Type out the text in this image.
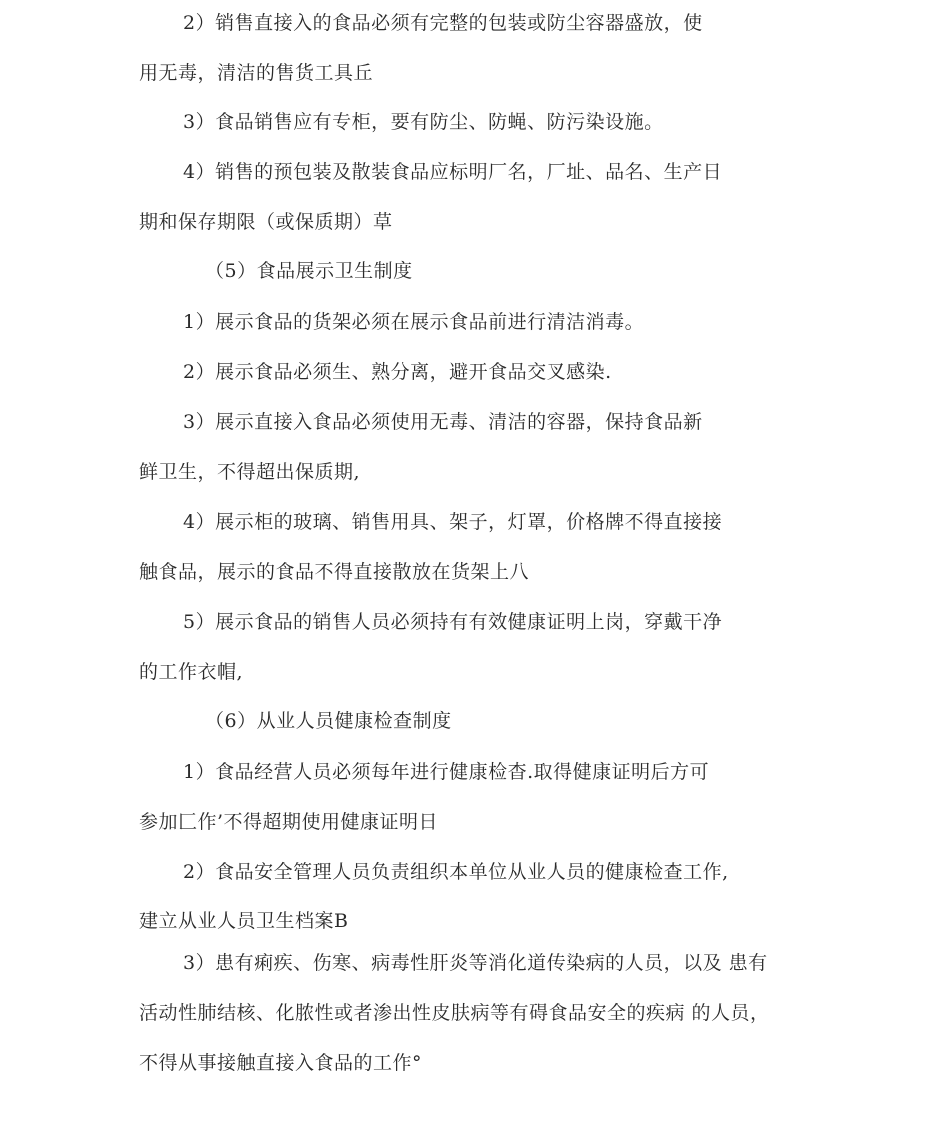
2）销售直接入的食品必须有完整的包装或防尘容器盛放，使
用无毒，清洁的售货工具丘
3）食品销售应有专柜，要有防尘、防蝇、防污染设施。
4）销售的预包装及散装食品应标明厂名，厂址、品名、生产日
期和保存期限（或保质期）草
（5）食品展示卫生制度
1）展示食品的货架必须在展示食品前进行清洁消毒。
2）展示食品必须生、熟分离，避开食品交叉感染.
3）展示直接入食品必须使用无毒、清洁的容器，保持食品新
鲜卫生，不得超出保质期,
4）展示柜的玻璃、销售用具、架子，灯罩，价格牌不得直接接
触食品，展示的食品不得直接散放在货架上八
5）展示食品的销售人员必须持有有效健康证明上岗，穿戴干净
的工作衣帽,
（6）从业人员健康检查制度
1）食品经营人员必须每年进行健康检杳.取得健康证明后方可
参加匚作’不得超期使用健康证明日
2）食品安全管理人员负责组织本单位从业人员的健康检查工作,
建立从业人员卫生档案B
3）患有痢疾、伤寒、病毒性肝炎等消化道传染病的人员，以及 患有
活动性肺结核、化脓性或者渗出性皮肤病等有碍食品安全的疾病 的人员，
不得从事接触直接入食品的工作°
